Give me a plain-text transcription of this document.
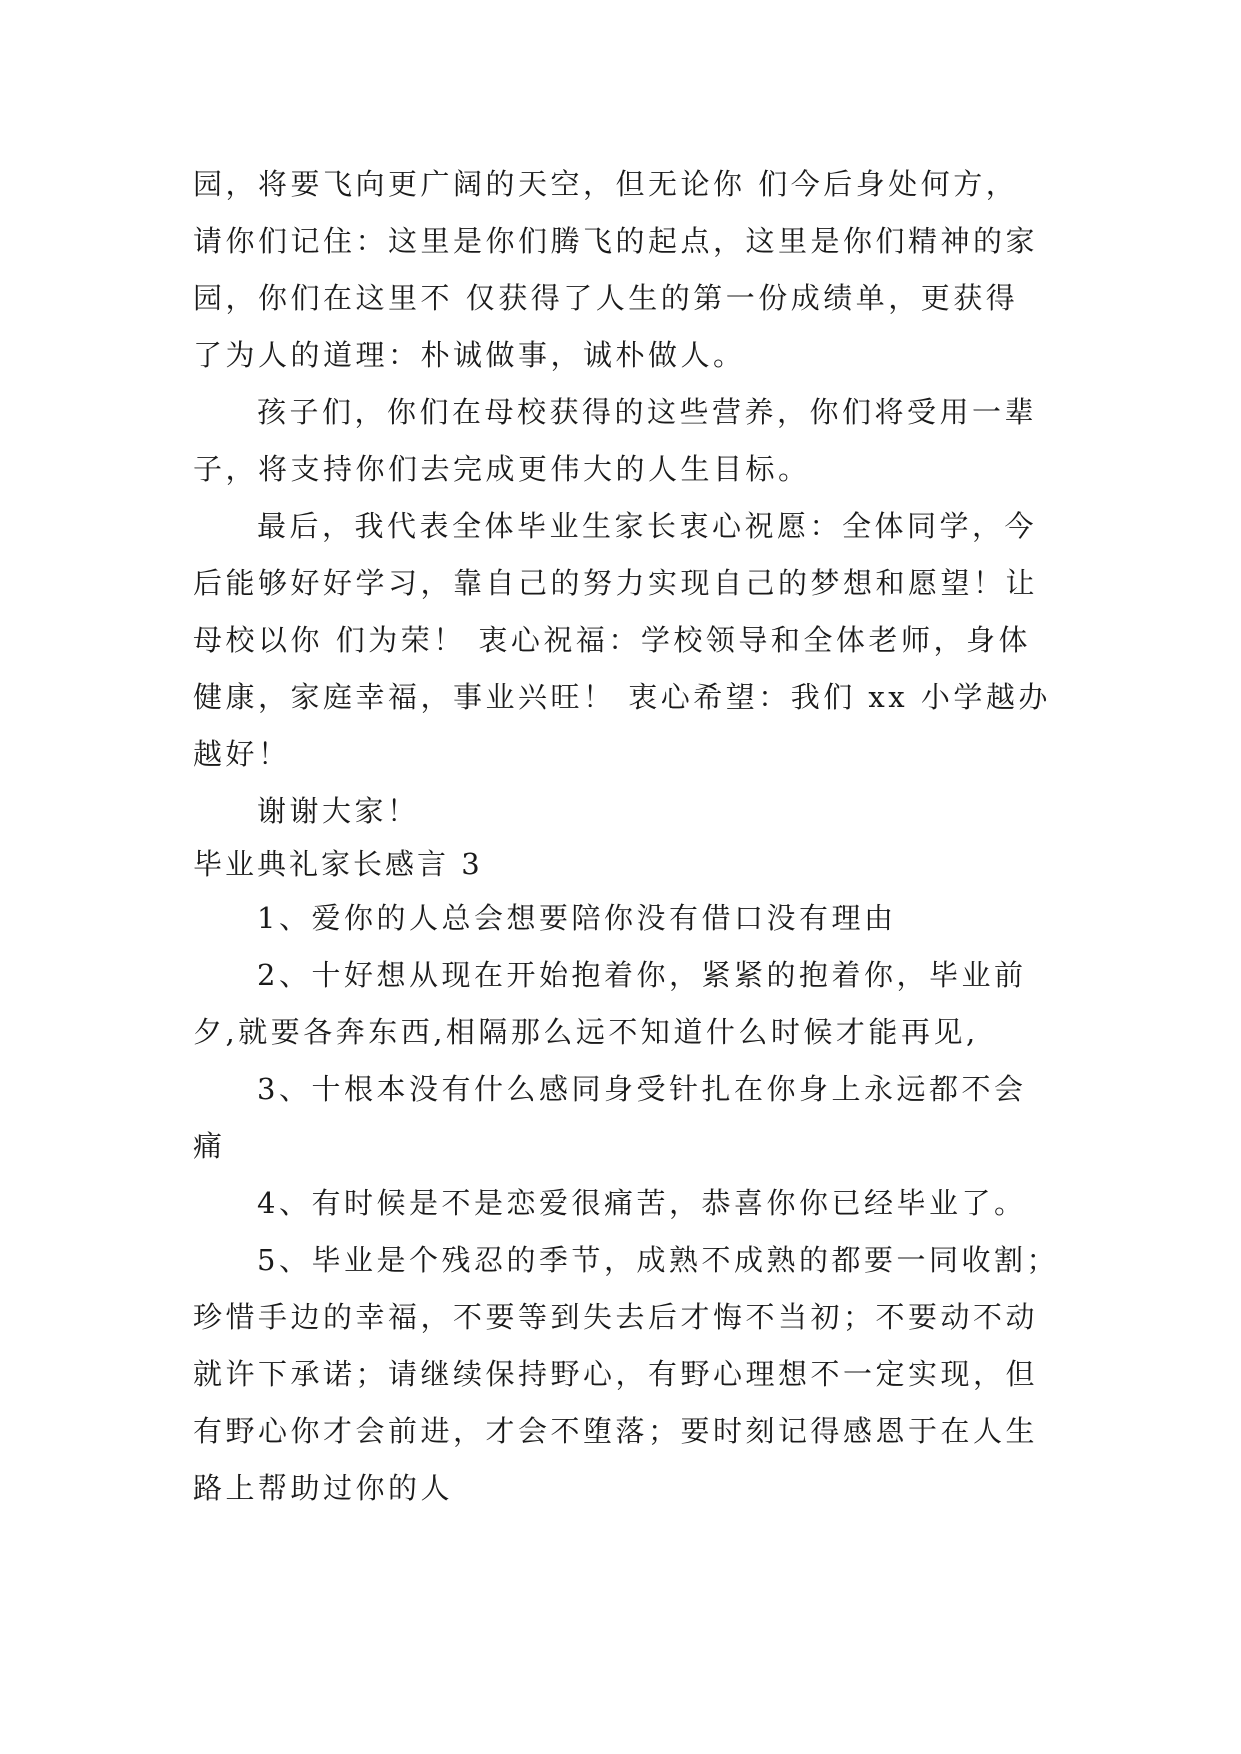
园，将要飞向更广阔的天空，但无论你 们今后身处何方，
请你们记住：这里是你们腾飞的起点，这里是你们精神的家
园，你们在这里不 仅获得了人生的第一份成绩单，更获得
了为人的道理：朴诚做事，诚朴做人。
孩子们，你们在母校获得的这些营养，你们将受用一辈
子，将支持你们去完成更伟大的人生目标。
最后，我代表全体毕业生家长衷心祝愿：全体同学，今
后能够好好学习，靠自己的努力实现自己的梦想和愿望！让
母校以你 们为荣！ 衷心祝福：学校领导和全体老师，身体
健康，家庭幸福，事业兴旺！ 衷心希望：我们 xx 小学越办
越好！
谢谢大家！
毕业典礼家长感言 3
1、爱你的人总会想要陪你没有借口没有理由
2、十好想从现在开始抱着你，紧紧的抱着你，毕业前
夕,就要各奔东西,相隔那么远不知道什么时候才能再见,
3、十根本没有什么感同身受针扎在你身上永远都不会
痛
4、有时候是不是恋爱很痛苦，恭喜你你已经毕业了。
5、毕业是个残忍的季节，成熟不成熟的都要一同收割；
珍惜手边的幸福，不要等到失去后才悔不当初；不要动不动
就许下承诺；请继续保持野心，有野心理想不一定实现，但
有野心你才会前进，才会不堕落；要时刻记得感恩于在人生
路上帮助过你的人
